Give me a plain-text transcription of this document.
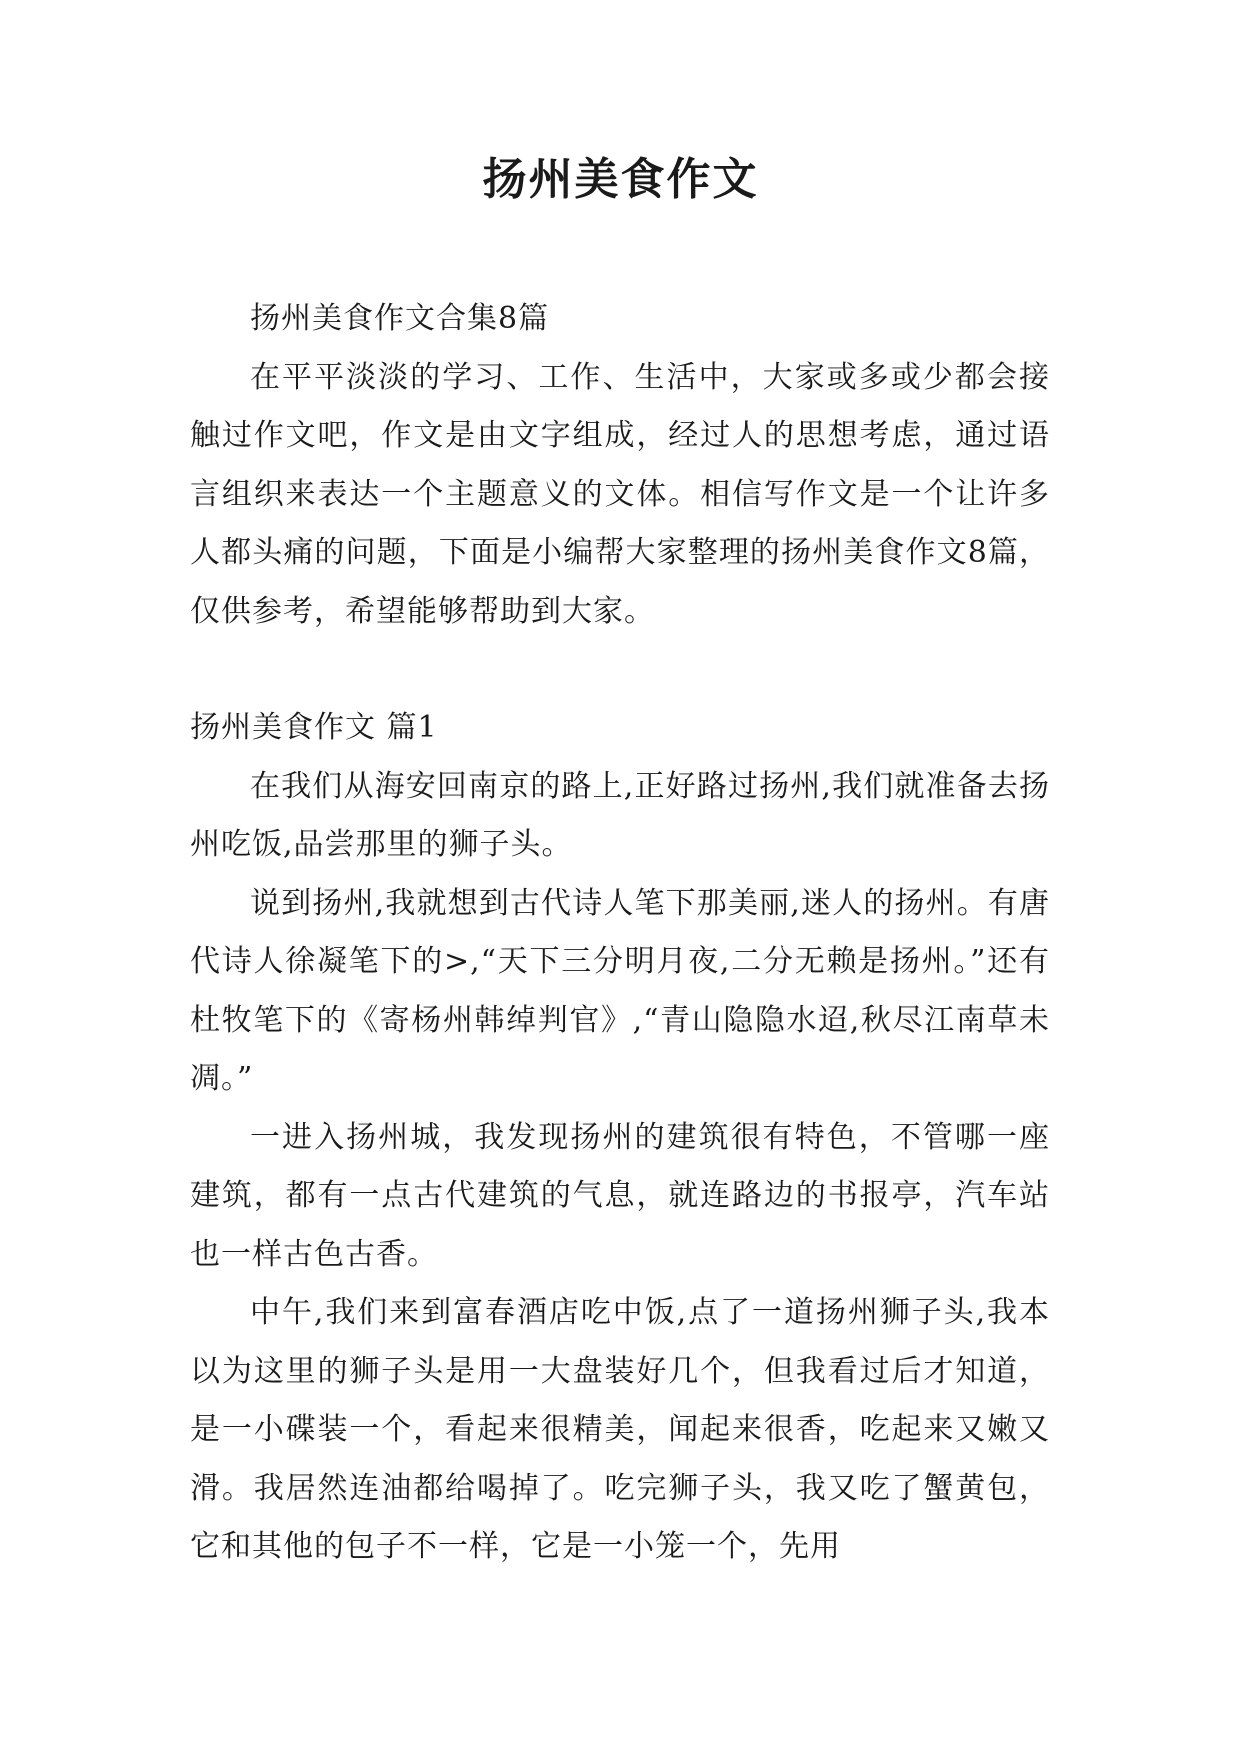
扬州美食作文

扬州美食作文合集8篇

在平平淡淡的学习、工作、生活中，大家或多或少都会接触过作文吧，作文是由文字组成，经过人的思想考虑，通过语言组织来表达一个主题意义的文体。相信写作文是一个让许多人都头痛的问题，下面是小编帮大家整理的扬州美食作文8篇，仅供参考，希望能够帮助到大家。

扬州美食作文 篇1

在我们从海安回南京的路上,正好路过扬州,我们就准备去扬州吃饭,品尝那里的狮子头。

说到扬州,我就想到古代诗人笔下那美丽,迷人的扬州。有唐代诗人徐凝笔下的>,“天下三分明月夜,二分无赖是扬州。”还有杜牧笔下的《寄杨州韩绰判官》,“青山隐隐水迢,秋尽江南草未凋。”

一进入扬州城，我发现扬州的建筑很有特色，不管哪一座建筑，都有一点古代建筑的气息，就连路边的书报亭，汽车站也一样古色古香。

中午,我们来到富春酒店吃中饭,点了一道扬州狮子头,我本以为这里的狮子头是用一大盘装好几个，但我看过后才知道，是一小碟装一个，看起来很精美，闻起来很香，吃起来又嫩又滑。我居然连油都给喝掉了。吃完狮子头，我又吃了蟹黄包，它和其他的包子不一样，它是一小笼一个，先用
